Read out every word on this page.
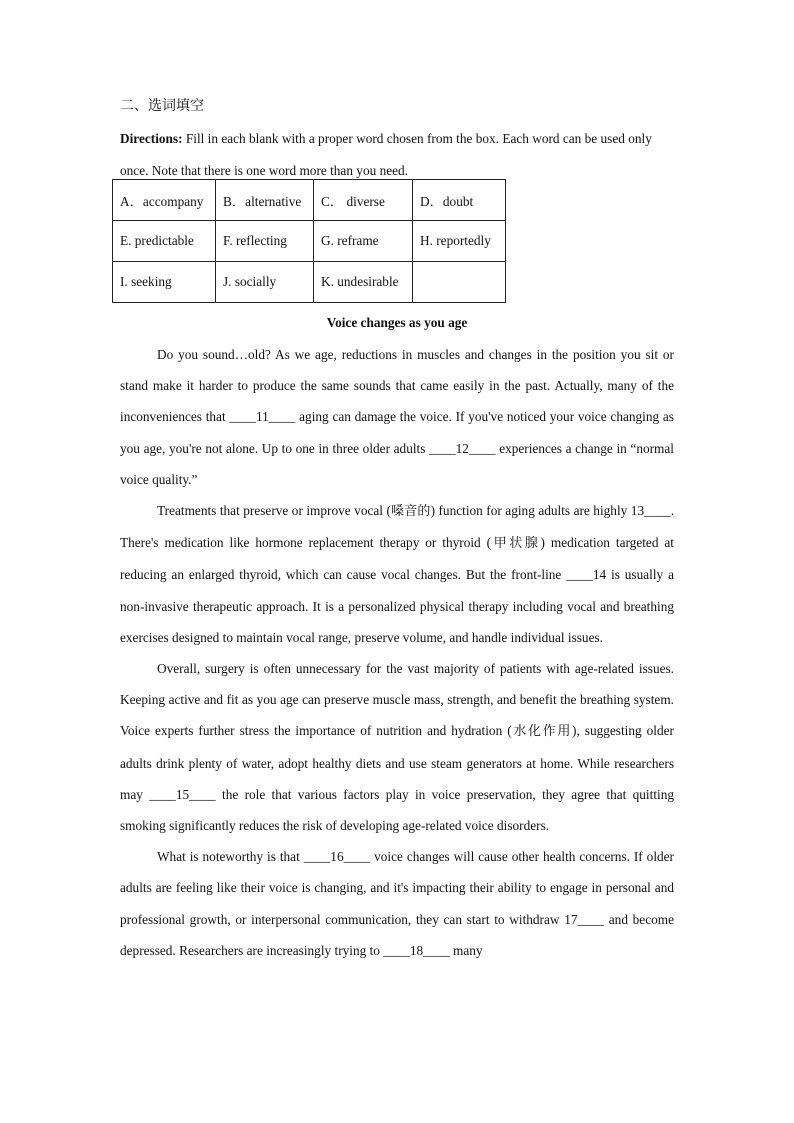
二、选词填空
Directions: Fill in each blank with a proper word chosen from the box. Each word can be used only once. Note that there is one word more than you need.
A．accompany	B．alternative	C． diverse	D．doubt
E. predictable	F. reflecting	G. reframe	H. reportedly
I. seeking	J. socially	K. undesirable	
Voice changes as you age

Do you sound…old? As we age, reductions in muscles and changes in the position you sit or stand make it harder to produce the same sounds that came easily in the past. Actually, many of the inconveniences that ____11____ aging can damage the voice. If you've noticed your voice changing as you age, you're not alone. Up to one in three older adults ____12____ experiences a change in “normal voice quality.”

Treatments that preserve or improve vocal (嗓音的) function for aging adults are highly 13____. There's medication like hormone replacement therapy or thyroid (甲状腺) medication targeted at reducing an enlarged thyroid, which can cause vocal changes. But the front-line ____14 is usually a non-invasive therapeutic approach. It is a personalized physical therapy including vocal and breathing exercises designed to maintain vocal range, preserve volume, and handle individual issues.

Overall, surgery is often unnecessary for the vast majority of patients with age-related issues. Keeping active and fit as you age can preserve muscle mass, strength, and benefit the breathing system. Voice experts further stress the importance of nutrition and hydration (水化作用), suggesting older adults drink plenty of water, adopt healthy diets and use steam generators at home. While researchers may ____15____ the role that various factors play in voice preservation, they agree that quitting smoking significantly reduces the risk of developing age-related voice disorders.

What is noteworthy is that ____16____ voice changes will cause other health concerns. If older adults are feeling like their voice is changing, and it's impacting their ability to engage in personal and professional growth, or interpersonal communication, they can start to withdraw 17____ and become depressed. Researchers are increasingly trying to ____18____ many
